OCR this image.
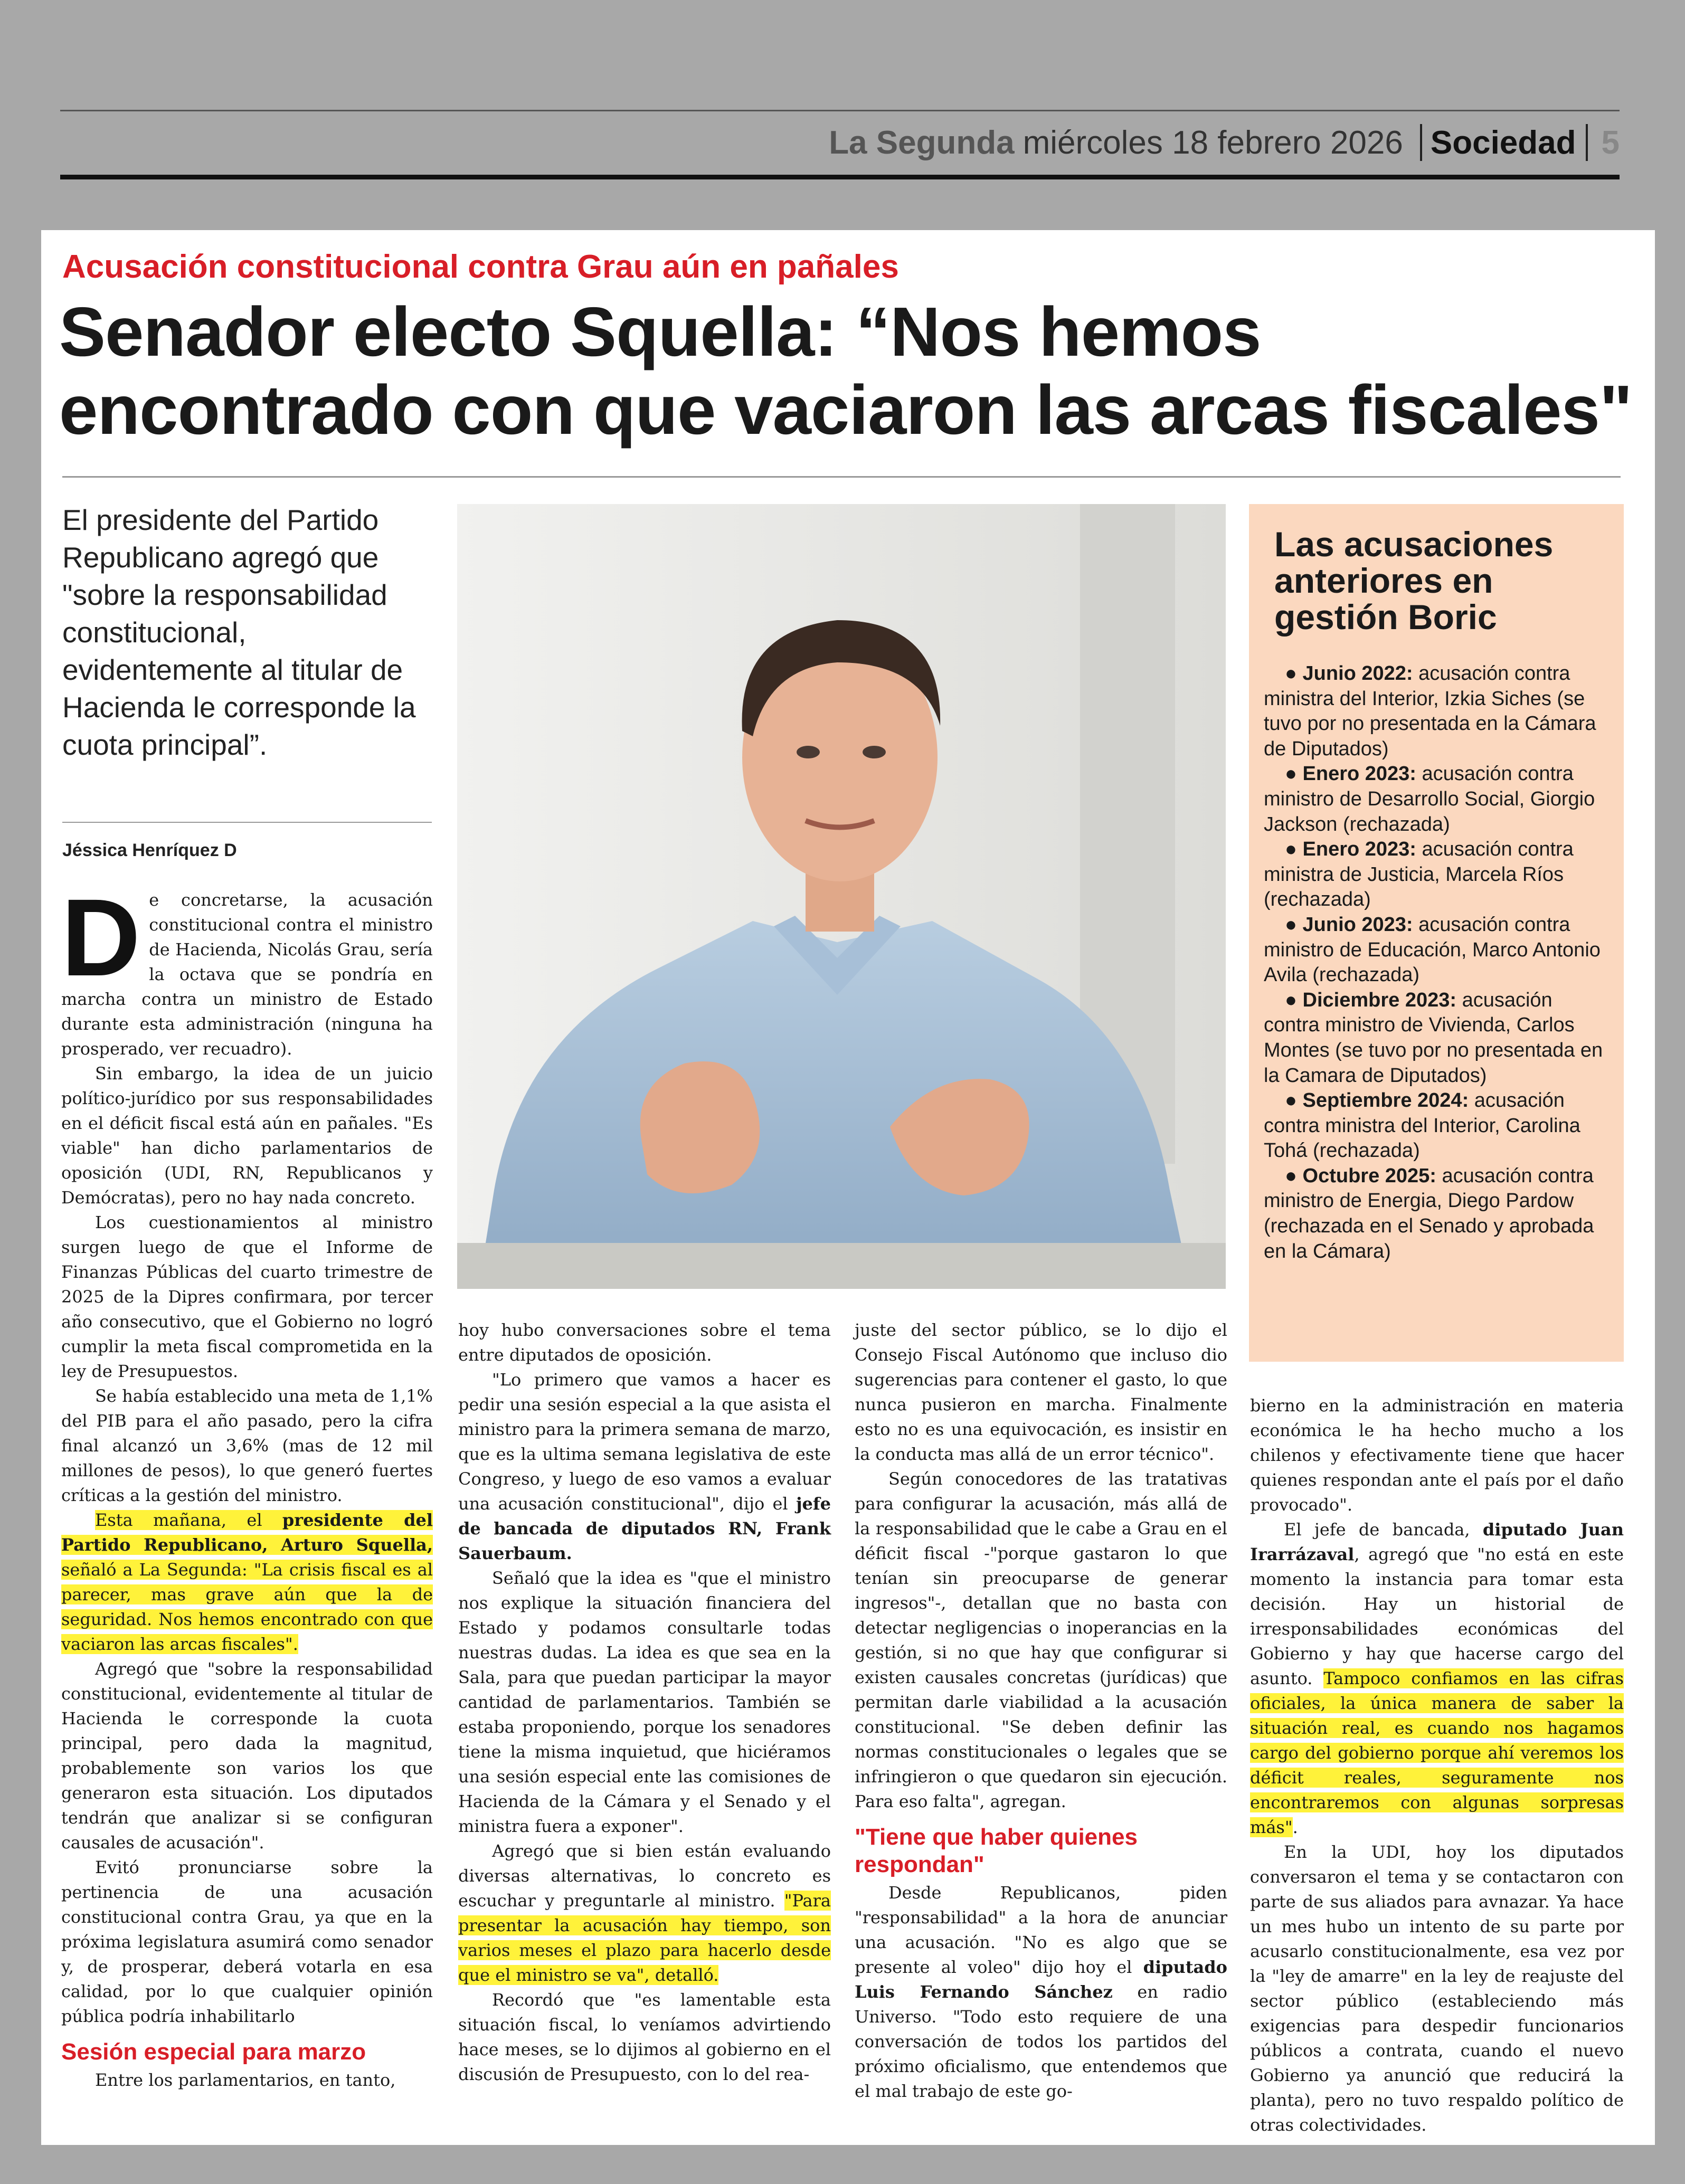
La Segunda miércoles 18 febrero 2026 Sociedad 5
Acusación constitucional contra Grau aún en pañales
Senador electo Squella: “Nos hemos
encontrado con que vaciaron las arcas fiscales"
El presidente del Partido Republicano agregó que "sobre la responsabilidad constitucional, evidentemente al titular de Hacienda le corresponde la cuota principal”.
Jéssica Henríquez D
Las acusaciones anteriores en gestión Boric
● Junio 2022: acusación contra ministra del Interior, Izkia Siches (se tuvo por no presentada en la Cámara de Diputados)
● Enero 2023: acusación contra ministro de Desarrollo Social, Giorgio Jackson (rechazada)
● Enero 2023: acusación contra ministra de Justicia, Marcela Ríos (rechazada)
● Junio 2023: acusación contra ministro de Educación, Marco Antonio Avila (rechazada)
● Diciembre 2023: acusación contra ministro de Vivienda, Carlos Montes (se tuvo por no presentada en la Camara de Diputados)
● Septiembre 2024: acusación contra ministra del Interior, Carolina Tohá (rechazada)
● Octubre 2025: acusación contra ministro de Energia, Diego Pardow (rechazada en el Senado y aprobada en la Cámara)

De concretarse, la acusación constitucional contra el ministro de Hacienda, Nicolás Grau, sería la octava que se pondría en marcha contra un ministro de Estado durante esta administración (ninguna ha prosperado, ver recuadro).

Sin embargo, la idea de un juicio político-jurídico por sus responsabilidades en el déficit fiscal está aún en pañales. "Es viable" han dicho parlamentarios de oposición (UDI, RN, Republicanos y Demócratas), pero no hay nada concreto.

Los cuestionamientos al ministro surgen luego de que el Informe de Finanzas Públicas del cuarto trimestre de 2025 de la Dipres confirmara, por tercer año consecutivo, que el Gobierno no logró cumplir la meta fiscal comprometida en la ley de Presupuestos.

Se había establecido una meta de 1,1% del PIB para el año pasado, pero la cifra final alcanzó un 3,6% (mas de 12 mil millones de pesos), lo que generó fuertes críticas a la gestión del ministro.

Esta mañana, el presidente del Partido Republicano, Arturo Squella, señaló a La Segunda: "La crisis fiscal es al parecer, mas grave aún que la de seguridad. Nos hemos encontrado con que vaciaron las arcas fiscales".

Agregó que "sobre la responsabilidad constitucional, evidentemente al titular de Hacienda le corresponde la cuota principal, pero dada la magnitud, probablemente son varios los que generaron esta situación. Los diputados tendrán que analizar si se configuran causales de acusación".

Evitó pronunciarse sobre la pertinencia de una acusación constitucional contra Grau, ya que en la próxima legislatura asumirá como senador y, de prosperar, deberá votarla en esa calidad, por lo que cualquier opinión pública podría inhabilitarlo

Sesión especial para marzo

Entre los parlamentarios, en tanto,

hoy hubo conversaciones sobre el tema entre diputados de oposición.

"Lo primero que vamos a hacer es pedir una sesión especial a la que asista el ministro para la primera semana de marzo, que es la ultima semana legislativa de este Congreso, y luego de eso vamos a evaluar una acusación constitucional", dijo el jefe de bancada de diputados RN, Frank Sauerbaum.

Señaló que la idea es "que el ministro nos explique la situación financiera del Estado y podamos consultarle todas nuestras dudas. La idea es que sea en la Sala, para que puedan participar la mayor cantidad de parlamentarios. También se estaba proponiendo, porque los senadores tiene la misma inquietud, que hiciéramos una sesión especial ente las comisiones de Hacienda de la Cámara y el Senado y el ministra fuera a exponer".

Agregó que si bien están evaluando diversas alternativas, lo concreto es escuchar y preguntarle al ministro. "Para presentar la acusación hay tiempo, son varios meses el plazo para hacerlo desde que el ministro se va", detalló.

Recordó que "es lamentable esta situación fiscal, lo veníamos advirtiendo hace meses, se lo dijimos al gobierno en el discusión de Presupuesto, con lo del rea-

juste del sector público, se lo dijo el Consejo Fiscal Autónomo que incluso dio sugerencias para contener el gasto, lo que nunca pusieron en marcha. Finalmente esto no es una equivocación, es insistir en la conducta mas allá de un error técnico".

Según conocedores de las tratativas para configurar la acusación, más allá de la responsabilidad que le cabe a Grau en el déficit fiscal -"porque gastaron lo que tenían sin preocuparse de generar ingresos"-, detallan que no basta con detectar negligencias o inoperancias en la gestión, si no que hay que configurar si existen causales concretas (jurídicas) que permitan darle viabilidad a la acusación constitucional. "Se deben definir las normas constitucionales o legales que se infringieron o que quedaron sin ejecución. Para eso falta", agregan.

"Tiene que haber quienes respondan"

Desde Republicanos, piden "responsabilidad" a la hora de anunciar una acusación. "No es algo que se presente al voleo" dijo hoy el diputado Luis Fernando Sánchez en radio Universo. "Todo esto requiere de una conversación de todos los partidos del próximo oficialismo, que entendemos que el mal trabajo de este go-

bierno en la administración en materia económica le ha hecho mucho a los chilenos y efectivamente tiene que hacer quienes respondan ante el país por el daño provocado".

El jefe de bancada, diputado Juan Irarrázaval, agregó que "no está en este momento la instancia para tomar esta decisión. Hay un historial de irresponsabilidades económicas del Gobierno y hay que hacerse cargo del asunto. Tampoco confiamos en las cifras oficiales, la única manera de saber la situación real, es cuando nos hagamos cargo del gobierno porque ahí veremos los déficit reales, seguramente nos encontraremos con algunas sorpresas más".

En la UDI, hoy los diputados conversaron el tema y se contactaron con parte de sus aliados para avnazar. Ya hace un mes hubo un intento de su parte por acusarlo constitucionalmente, esa vez por la "ley de amarre" en la ley de reajuste del sector público (estableciendo más exigencias para despedir funcionarios públicos a contrata, cuando el nuevo Gobierno ya anunció que reducirá la planta), pero no tuvo respaldo político de otras colectividades.
